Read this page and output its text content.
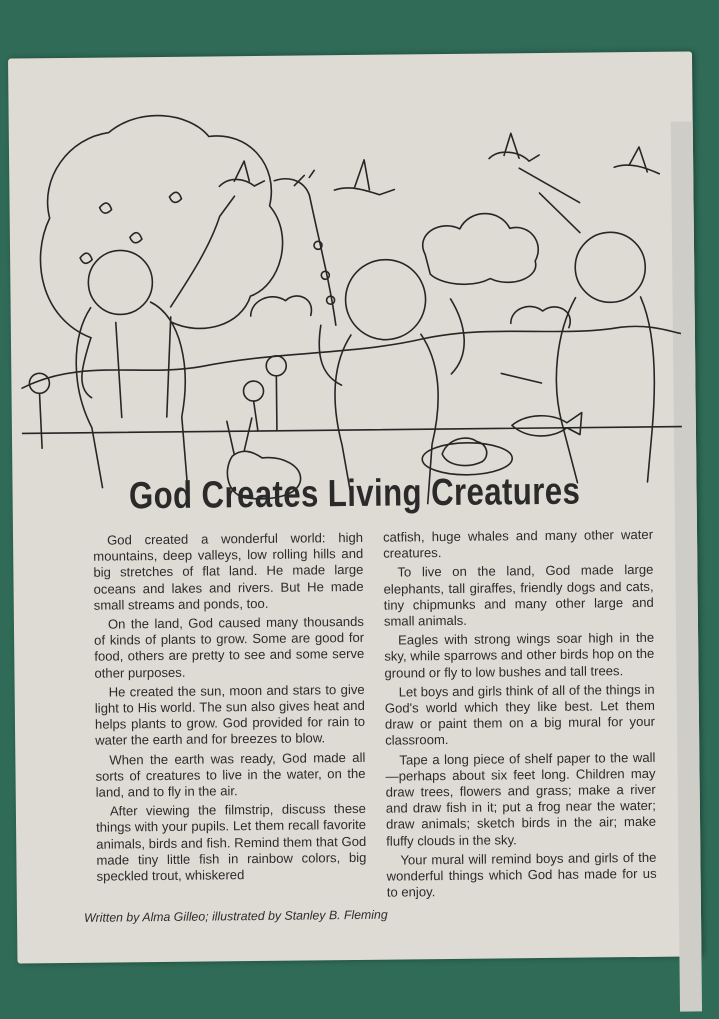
God Creates Living Creatures

God created a wonderful world: high mountains, deep valleys, low rolling hills and big stretches of flat land. He made large oceans and lakes and rivers. But He made small streams and ponds, too.

On the land, God caused many thousands of kinds of plants to grow. Some are good for food, others are pretty to see and some serve other purposes.

He created the sun, moon and stars to give light to His world. The sun also gives heat and helps plants to grow. God provided for rain to water the earth and for breezes to blow.

When the earth was ready, God made all sorts of creatures to live in the water, on the land, and to fly in the air.

After viewing the filmstrip, discuss these things with your pupils. Let them recall favorite animals, birds and fish. Remind them that God made tiny little fish in rainbow colors, big speckled trout, whiskered

catfish, huge whales and many other water creatures.

To live on the land, God made large elephants, tall giraffes, friendly dogs and cats, tiny chipmunks and many other large and small animals.

Eagles with strong wings soar high in the sky, while sparrows and other birds hop on the ground or fly to low bushes and tall trees.

Let boys and girls think of all of the things in God's world which they like best. Let them draw or paint them on a big mural for your classroom.

Tape a long piece of shelf paper to the wall—perhaps about six feet long. Children may draw trees, flowers and grass; make a river and draw fish in it; put a frog near the water; draw animals; sketch birds in the air; make fluffy clouds in the sky.

Your mural will remind boys and girls of the wonderful things which God has made for us to enjoy.

Written by Alma Gilleo; illustrated by Stanley B. Fleming
